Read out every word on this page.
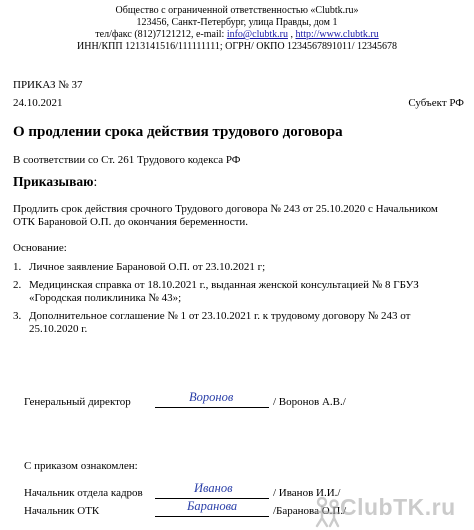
Общество с ограниченной ответственностью «Clubtk.ru»
123456, Санкт-Петербург, улица Правды, дом 1
тел/факс (812)7121212, e-mail: info@clubtk.ru , http://www.clubtk.ru
ИНН/КПП 1213141516/111111111; ОГРН/ ОКПО 1234567891011/ 12345678
ПРИКАЗ № 37
24.10.2021	Субъект РФ
О продлении срока действия трудового договора
В соответствии со Ст. 261 Трудового кодекса РФ
Приказываю:
Продлить срок действия срочного Трудового договора № 243 от 25.10.2020 с Начальником
ОТК Барановой О.П. до окончания беременности.
Основание:
1. Личное заявление Барановой О.П. от 23.10.2021 г;
2. Медицинская справка от 18.10.2021 г., выданная женской консультацией № 8 ГБУЗ
«Городская поликлиника № 43»;
3. Дополнительное соглашение № 1 от 23.10.2021 г. к трудовому договору № 243 от
25.10.2020 г.
Генеральный директор	Воронов	/ Воронов А.В./
С приказом ознакомлен:
Начальник отдела кадров	Иванов	/ Иванов И.И./
Начальник ОТК	Баранова	/Баранова О.П./
ClubTK.ru
